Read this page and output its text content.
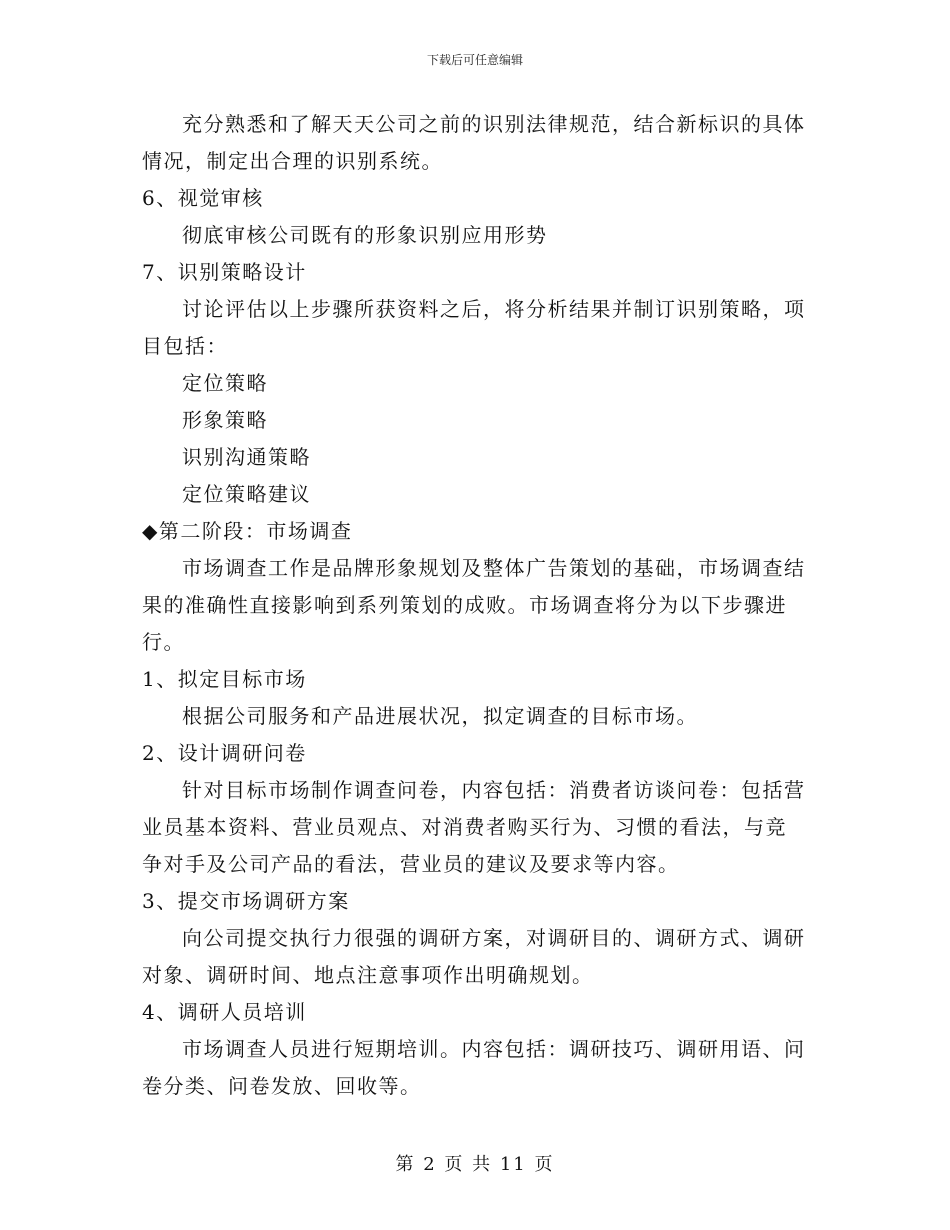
下载后可任意编辑

充分熟悉和了解天天公司之前的识别法律规范，结合新标识的具体情况，制定出合理的识别系统。

6、视觉审核

彻底审核公司既有的形象识别应用形势

7、识别策略设计

讨论评估以上步骤所获资料之后，将分析结果并制订识别策略，项目包括：

定位策略

形象策略

识别沟通策略

定位策略建议

◆第二阶段：市场调查

市场调查工作是品牌形象规划及整体广告策划的基础，市场调查结果的准确性直接影响到系列策划的成败。市场调查将分为以下步骤进行。

1、拟定目标市场

根据公司服务和产品进展状况，拟定调查的目标市场。

2、设计调研问卷

针对目标市场制作调查问卷，内容包括：消费者访谈问卷：包括营业员基本资料、营业员观点、对消费者购买行为、习惯的看法，与竞争对手及公司产品的看法，营业员的建议及要求等内容。

3、提交市场调研方案

向公司提交执行力很强的调研方案，对调研目的、调研方式、调研对象、调研时间、地点注意事项作出明确规划。

4、调研人员培训

市场调查人员进行短期培训。内容包括：调研技巧、调研用语、问卷分类、问卷发放、回收等。

第 2 页 共 11 页
